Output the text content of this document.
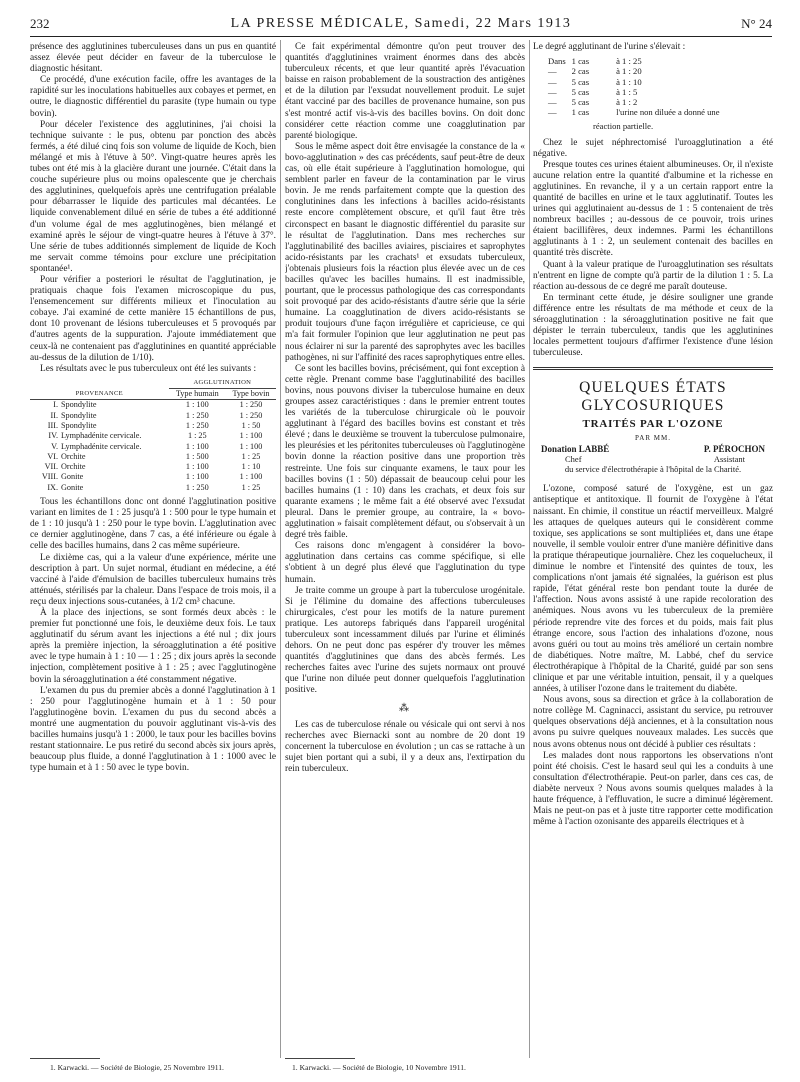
232	LA PRESSE MÉDICALE, Samedi, 22 Mars 1913	N° 24

présence des agglutinines tuberculeuses dans un pus en quantité assez élevée peut décider en faveur de la tuberculose le diagnostic hésitant.

Ce procédé, d'une exécution facile, offre les avantages de la rapidité sur les inoculations habituelles aux cobayes et permet, en outre, le diagnostic différentiel du parasite (type humain ou type bovin).

Pour déceler l'existence des agglutinines, j'ai choisi la technique suivante : le pus, obtenu par ponction des abcès fermés, a été dilué cinq fois son volume de liquide de Koch, bien mélangé et mis à l'étuve à 50°. Vingt-quatre heures après les tubes ont été mis à la glacière durant une journée. C'était dans la couche supérieure plus ou moins opalescente que je cherchais des agglutinines, quelquefois après une centrifugation préalable pour débarrasser le liquide des particules mal décantées. Le liquide convenablement dilué en série de tubes a été additionné d'un volume égal de mes agglutinogènes, bien mélangé et examiné après le séjour de vingt-quatre heures à l'étuve à 37°. Une série de tubes additionnés simplement de liquide de Koch me servait comme témoins pour exclure une précipitation spontanée¹.

Pour vérifier a posteriori le résultat de l'agglutination, je pratiquais chaque fois l'examen microscopique du pus, l'ensemencement sur différents milieux et l'inoculation au cobaye. J'ai examiné de cette manière 15 échantillons de pus, dont 10 provenant de lésions tuberculeuses et 5 provoqués par d'autres agents de la suppuration. J'ajoute immédiatement que ceux-là ne contenaient pas d'agglutinines en quantité appréciable au-dessus de la dilution de 1/10).

Les résultats avec le pus tuberculeux ont été les suivants :

	AGGLUTINATION	
PROVENANCE	Type humain	Type bovin
I. Spondylite	1 : 100	1 : 250
II. Spondylite	1 : 250	1 : 250
III. Spondylite	1 : 250	1 : 50
IV. Lymphadénite cervicale.	1 : 25	1 : 100
V. Lymphadénite cervicale.	1 : 100	1 : 100
VI. Orchite	1 : 500	1 : 25
VII. Orchite	1 : 100	1 : 10
VIII. Gonite	1 : 100	1 : 100
IX. Gonite	1 : 250	1 : 25

Tous les échantillons donc ont donné l'agglutination positive variant en limites de 1 : 25 jusqu'à 1 : 500 pour le type humain et de 1 : 10 jusqu'à 1 : 250 pour le type bovin. L'agglutination avec ce dernier agglutinogène, dans 7 cas, a été inférieure ou égale à celle des bacilles humains, dans 2 cas même supérieure.

Le dixième cas, qui a la valeur d'une expérience, mérite une description à part. Un sujet normal, étudiant en médecine, a été vacciné à l'aide d'émulsion de bacilles tuberculeux humains très atténués, stérilisés par la chaleur. Dans l'espace de trois mois, il a reçu deux injections sous-cutanées, à 1/2 cm³ chacune.

À la place des injections, se sont formés deux abcès : le premier fut ponctionné une fois, le deuxième deux fois. Le taux agglutinatif du sérum avant les injections a été nul ; dix jours après la première injection, la séroagglutination a été positive avec le type humain à 1 : 10 — 1 : 25 ; dix jours après la seconde injection, complètement positive à 1 : 25 ; avec l'agglutinogène bovin la séroagglutination a été constamment négative.

L'examen du pus du premier abcès a donné l'agglutination à 1 : 250 pour l'agglutinogène humain et à 1 : 50 pour l'agglutinogène bovin. L'examen du pus du second abcès a montré une augmentation du pouvoir agglutinant vis-à-vis des bacilles humains jusqu'à 1 : 2000, le taux pour les bacilles bovins restant stationnaire. Le pus retiré du second abcès six jours après, beaucoup plus fluide, a donné l'agglutination à 1 : 1000 avec le type humain et à 1 : 50 avec le type bovin.

Ce fait expérimental démontre qu'on peut trouver des quantités d'agglutinines vraiment énormes dans des abcès tuberculeux récents, et que leur quantité après l'évacuation baisse en raison probablement de la soustraction des antigènes et de la dilution par l'exsudat nouvellement produit. Le sujet étant vacciné par des bacilles de provenance humaine, son pus s'est montré actif vis-à-vis des bacilles bovins. On doit donc considérer cette réaction comme une coagglutination par parenté biologique.

Sous le même aspect doit être envisagée la constance de la « bovo-agglutination » des cas précédents, sauf peut-être de deux cas, où elle était supérieure à l'agglutination homologue, qui semblent parler en faveur de la contamination par le virus bovin. Je me rends parfaitement compte que la question des conglutinines dans les infections à bacilles acido-résistants reste encore complètement obscure, et qu'il faut être très circonspect en basant le diagnostic différentiel du parasite sur le résultat de l'agglutination. Dans mes recherches sur l'agglutinabilité des bacilles aviaires, pisciaires et saprophytes acido-résistants par les crachats¹ et exsudats tuberculeux, j'obtenais plusieurs fois la réaction plus élevée avec un de ces bacilles qu'avec les bacilles humains. Il est inadmissible, pourtant, que le processus pathologique des cas correspondants soit provoqué par des acido-résistants d'autre série que la série humaine. La coagglutination de divers acido-résistants se produit toujours d'une façon irrégulière et capricieuse, ce qui m'a fait formuler l'opinion que leur agglutination ne peut pas nous éclairer ni sur la parenté des saprophytes avec les bacilles pathogènes, ni sur l'affinité des races saprophytiques entre elles.

Ce sont les bacilles bovins, précisément, qui font exception à cette règle. Prenant comme base l'agglutinabilité des bacilles bovins, nous pouvons diviser la tuberculose humaine en deux groupes assez caractéristiques : dans le premier entrent toutes les variétés de la tuberculose chirurgicale où le pouvoir agglutinant à l'égard des bacilles bovins est constant et très élevé ; dans le deuxième se trouvent la tuberculose pulmonaire, les pleurésies et les péritonites tuberculeuses où l'agglutinogène bovin donne la réaction positive dans une proportion très restreinte. Une fois sur cinquante examens, le taux pour les bacilles bovins (1 : 50) dépassait de beaucoup celui pour les bacilles humains (1 : 10) dans les crachats, et deux fois sur quarante examens ; le même fait a été observé avec l'exsudat pleural. Dans le premier groupe, au contraire, la « bovo-agglutination » faisait complètement défaut, ou s'observait à un degré très faible.

Ces raisons donc m'engagent à considérer la bovo-agglutination dans certains cas comme spécifique, si elle s'obtient à un degré plus élevé que l'agglutination du type humain.

Je traite comme un groupe à part la tuberculose urogénitale. Si je l'élimine du domaine des affections tuberculeuses chirurgicales, c'est pour les motifs de la nature purement pratique. Les autoreps fabriqués dans l'appareil urogénital tuberculeux sont incessamment dilués par l'urine et éliminés dehors. On ne peut donc pas espérer d'y trouver les mêmes quantités d'agglutinines que dans des abcès fermés. Les recherches faites avec l'urine des sujets normaux ont prouvé que l'urine non diluée peut donner quelquefois l'agglutination positive.

⁂

Les cas de tuberculose rénale ou vésicale qui ont servi à nos recherches avec Biernacki sont au nombre de 20 dont 19 concernent la tuberculose en évolution ; un cas se rattache à un sujet bien portant qui a subi, il y a deux ans, l'extirpation du rein tuberculeux.

Le degré agglutinant de l'urine s'élevait :

Dans	1 cas	à 1 : 25
—	2 cas	à 1 : 20
—	5 cas	à 1 : 10
—	5 cas	à 1 : 5
—	5 cas	à 1 : 2
—	1 cas	l'urine non diluée a donné une
réaction partielle.

Chez le sujet néphrectomisé l'uroagglutination a été négative.

Presque toutes ces urines étaient albumineuses. Or, il n'existe aucune relation entre la quantité d'albumine et la richesse en agglutinines. En revanche, il y a un certain rapport entre la quantité de bacilles en urine et le taux agglutinatif. Toutes les urines qui agglutinaient au-dessus de 1 : 5 contenaient de très nombreux bacilles ; au-dessous de ce pouvoir, trois urines étaient bacillifères, deux indemnes. Parmi les échantillons agglutinants à 1 : 2, un seulement contenait des bacilles en quantité très discrète.

Quant à la valeur pratique de l'uroagglutination ses résultats n'entrent en ligne de compte qu'à partir de la dilution 1 : 5. La réaction au-dessous de ce degré me paraît douteuse.

En terminant cette étude, je désire souligner une grande différence entre les résultats de ma méthode et ceux de la séroagglutination : la séroagglutination positive ne fait que dépister le terrain tuberculeux, tandis que les agglutinines locales permettent toujours d'affirmer l'existence d'une lésion tuberculeuse.

QUELQUES ÉTATS GLYCOSURIQUES
TRAITÉS PAR L'OZONE
PAR MM.
Donation LABBÉ	P. PÉROCHON
Chef	Assistant
du service d'électrothérapie à l'hôpital de la Charité.

L'ozone, composé saturé de l'oxygène, est un gaz antiseptique et antitoxique. Il fournit de l'oxygène à l'état naissant. En chimie, il constitue un réactif merveilleux. Malgré les attaques de quelques auteurs qui le considèrent comme toxique, ses applications se sont multipliées et, dans une étape nouvelle, il semble vouloir entrer d'une manière définitive dans la pratique thérapeutique journalière. Chez les coquelucheux, il diminue le nombre et l'intensité des quintes de toux, les complications n'ont jamais été signalées, la guérison est plus rapide, l'état général reste bon pendant toute la durée de l'affection. Nous avons assisté à une rapide recoloration des anémiques. Nous avons vu les tuberculeux de la première période reprendre vite des forces et du poids, mais fait plus étrange encore, sous l'action des inhalations d'ozone, nous avons guéri ou tout au moins très amélioré un certain nombre de diabétiques. Notre maître, M. Labbé, chef du service électrothérapique à l'hôpital de la Charité, guidé par son sens clinique et par une véritable intuition, pensait, il y a quelques années, à utiliser l'ozone dans le traitement du diabète.

Nous avons, sous sa direction et grâce à la collaboration de notre collège M. Cagninacci, assistant du service, pu retrouver quelques observations déjà anciennes, et à la consultation nous avons pu suivre quelques nouveaux malades. Les succès que nous avons obtenus nous ont décidé à publier ces résultats :

Les malades dont nous rapportons les observations n'ont point été choisis. C'est le hasard seul qui les a conduits à une consultation d'électrothérapie. Peut-on parler, dans ces cas, de diabète nerveux ? Nous avons soumis quelques malades à la haute fréquence, à l'effluvation, le sucre a diminué légèrement. Mais ne peut-on pas et à juste titre rapporter cette modification même à l'action ozonisante des appareils électriques et à

1. Karwacki. — Société de Biologie, 25 Novembre 1911.	1. Karwacki. — Société de Biologie, 10 Novembre 1911.
